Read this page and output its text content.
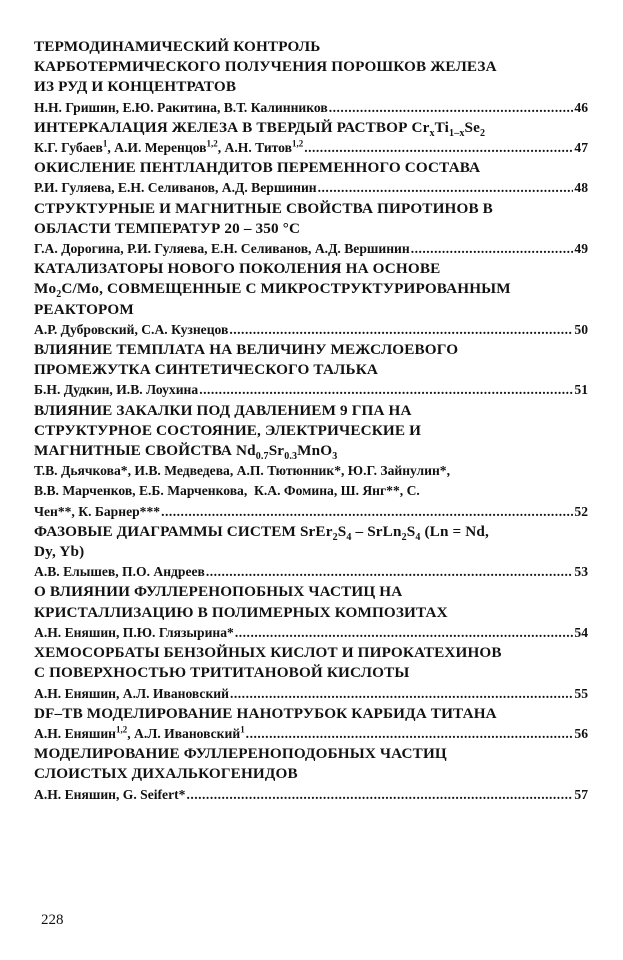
ТЕРМОДИНАМИЧЕСКИЙ КОНТРОЛЬ
КАРБОТЕРМИЧЕСКОГО ПОЛУЧЕНИЯ ПОРОШКОВ ЖЕЛЕЗА
ИЗ РУД И КОНЦЕНТРАТОВ
Н.Н. Гришин, Е.Ю. Ракитина, В.Т. Калинников .....	46
ИНТЕРКАЛАЦИЯ ЖЕЛЕЗА В ТВЕРДЫЙ РАСТВОР $Cr_xTi_{1-x}Se_2$
К.Г. Губаев$^1$, А.И. Меренцов$^{1,2}$, А.Н. Титов$^{1,2}$ .....	47
ОКИСЛЕНИЕ ПЕНТЛАНДИТОВ ПЕРЕМЕННОГО СОСТАВА
Р.И. Гуляева, Е.Н. Селиванов, А.Д. Вершинин .....	48
СТРУКТУРНЫЕ И МАГНИТНЫЕ СВОЙСТВА ПИРОТИНОВ В
ОБЛАСТИ ТЕМПЕРАТУР 20 – 350 °С
Г.А. Дорогина, Р.И. Гуляева, Е.Н. Селиванов, А.Д. Вершинин .....	49
КАТАЛИЗАТОРЫ НОВОГО ПОКОЛЕНИЯ НА ОСНОВЕ
$Mo_2C/Mo$, СОВМЕЩЕННЫЕ С МИКРОСТРУКТУРИРОВАННЫМ
РЕАКТОРОМ
А.Р. Дубровский, С.А. Кузнецов .....	50
ВЛИЯНИЕ ТЕМПЛАТА НА ВЕЛИЧИНУ МЕЖСЛОЕВОГО
ПРОМЕЖУТКА СИНТЕТИЧЕСКОГО ТАЛЬКА
Б.Н. Дудкин, И.В. Лоухина .....	51
ВЛИЯНИЕ ЗАКАЛКИ ПОД ДАВЛЕНИЕМ 9 ГПА НА
СТРУКТУРНОЕ СОСТОЯНИЕ, ЭЛЕКТРИЧЕСКИЕ И
МАГНИТНЫЕ СВОЙСТВА $Nd_{0.7}Sr_{0.3}MnO_3$
Т.В. Дьячкова*, И.В. Медведева, А.П. Тютюнник*, Ю.Г. Зайнулин*,
В.В. Марченков, Е.Б. Марченкова,  К.А. Фомина, Ш. Янг**, С.
Чен**, К. Барнер*** .....	52
ФАЗОВЫЕ ДИАГРАММЫ СИСТЕМ $SrEr_2S_4$ – $SrLn_2S_4$ (Ln = Nd,
Dy, Yb)
А.В. Елышев, П.О. Андреев .....	53
О ВЛИЯНИИ ФУЛЛЕРЕНОПОБНЫХ ЧАСТИЦ НА
КРИСТАЛЛИЗАЦИЮ В ПОЛИМЕРНЫХ КОМПОЗИТАХ
А.Н. Еняшин, П.Ю. Глязырина* .....	54
ХЕМОСОРБАТЫ БЕНЗОЙНЫХ КИСЛОТ И ПИРОКАТЕХИНОВ
С ПОВЕРХНОСТЬЮ ТРИТИТАНОВОЙ КИСЛОТЫ
А.Н. Еняшин, А.Л. Ивановский .....	55
DF–TB МОДЕЛИРОВАНИЕ НАНОТРУБОК КАРБИДА ТИТАНА
А.Н. Еняшин$^{1,2}$, А.Л. Ивановский$^1$ .....	56
МОДЕЛИРОВАНИЕ ФУЛЛЕРЕНОПОДОБНЫХ ЧАСТИЦ
СЛОИСТЫХ ДИХАЛЬКОГЕНИДОВ
А.Н. Еняшин, G. Seifert* .....	57
228
